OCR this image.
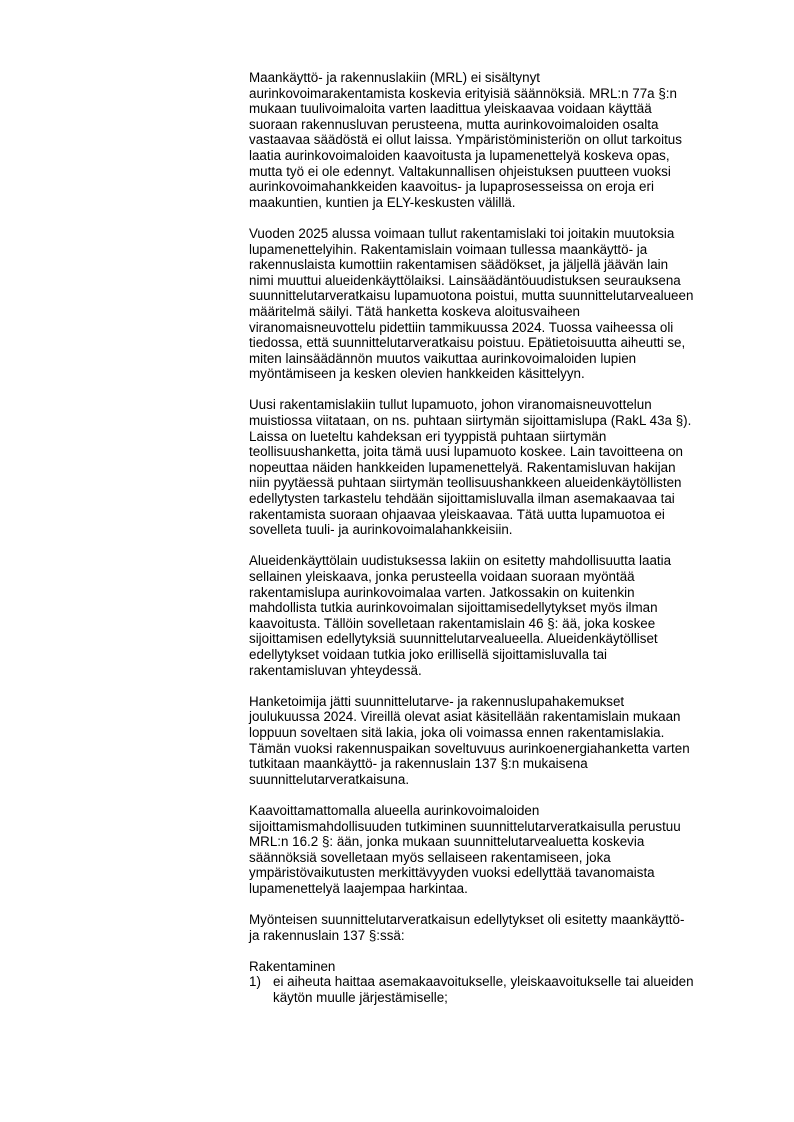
Maankäyttö- ja rakennuslakiin (MRL) ei sisältynyt
aurinkovoimarakentamista koskevia erityisiä säännöksiä. MRL:n 77a §:n
mukaan tuulivoimaloita varten laadittua yleiskaavaa voidaan käyttää
suoraan rakennusluvan perusteena, mutta aurinkovoimaloiden osalta
vastaavaa säädöstä ei ollut laissa. Ympäristöministeriön on ollut tarkoitus
laatia aurinkovoimaloiden kaavoitusta ja lupamenettelyä koskeva opas,
mutta työ ei ole edennyt. Valtakunnallisen ohjeistuksen puutteen vuoksi
aurinkovoimahankkeiden kaavoitus- ja lupaprosesseissa on eroja eri
maakuntien, kuntien ja ELY-keskusten välillä.
Vuoden 2025 alussa voimaan tullut rakentamislaki toi joitakin muutoksia
lupamenettelyihin. Rakentamislain voimaan tullessa maankäyttö- ja
rakennuslaista kumottiin rakentamisen säädökset, ja jäljellä jäävän lain
nimi muuttui alueidenkäyttölaiksi. Lainsäädäntöuudistuksen seurauksena
suunnittelutarveratkaisu lupamuotona poistui, mutta suunnittelutarvealueen
määritelmä säilyi. Tätä hanketta koskeva aloitusvaiheen
viranomaisneuvottelu pidettiin tammikuussa 2024. Tuossa vaiheessa oli
tiedossa, että suunnittelutarveratkaisu poistuu. Epätietoisuutta aiheutti se,
miten lainsäädännön muutos vaikuttaa aurinkovoimaloiden lupien
myöntämiseen ja kesken olevien hankkeiden käsittelyyn.
Uusi rakentamislakiin tullut lupamuoto, johon viranomaisneuvottelun
muistiossa viitataan, on ns. puhtaan siirtymän sijoittamislupa (RakL 43a §).
Laissa on lueteltu kahdeksan eri tyyppistä puhtaan siirtymän
teollisuushanketta, joita tämä uusi lupamuoto koskee. Lain tavoitteena on
nopeuttaa näiden hankkeiden lupamenettelyä. Rakentamisluvan hakijan
niin pyytäessä puhtaan siirtymän teollisuushankkeen alueidenkäytöllisten
edellytysten tarkastelu tehdään sijoittamisluvalla ilman asemakaavaa tai
rakentamista suoraan ohjaavaa yleiskaavaa. Tätä uutta lupamuotoa ei
sovelleta tuuli- ja aurinkovoimalahankkeisiin.
Alueidenkäyttölain uudistuksessa lakiin on esitetty mahdollisuutta laatia
sellainen yleiskaava, jonka perusteella voidaan suoraan myöntää
rakentamislupa aurinkovoimalaa varten. Jatkossakin on kuitenkin
mahdollista tutkia aurinkovoimalan sijoittamisedellytykset myös ilman
kaavoitusta. Tällöin sovelletaan rakentamislain 46 §: ää, joka koskee
sijoittamisen edellytyksiä suunnittelutarvealueella. Alueidenkäytölliset
edellytykset voidaan tutkia joko erillisellä sijoittamisluvalla tai
rakentamisluvan yhteydessä.
Hanketoimija jätti suunnittelutarve- ja rakennuslupahakemukset
joulukuussa 2024. Vireillä olevat asiat käsitellään rakentamislain mukaan
loppuun soveltaen sitä lakia, joka oli voimassa ennen rakentamislakia.
Tämän vuoksi rakennuspaikan soveltuvuus aurinkoenergiahanketta varten
tutkitaan maankäyttö- ja rakennuslain 137 §:n mukaisena
suunnittelutarveratkaisuna.
Kaavoittamattomalla alueella aurinkovoimaloiden
sijoittamismahdollisuuden tutkiminen suunnittelutarveratkaisulla perustuu
MRL:n 16.2 §: ään, jonka mukaan suunnittelutarvealuetta koskevia
säännöksiä sovelletaan myös sellaiseen rakentamiseen, joka
ympäristövaikutusten merkittävyyden vuoksi edellyttää tavanomaista
lupamenettelyä laajempaa harkintaa.
Myönteisen suunnittelutarveratkaisun edellytykset oli esitetty maankäyttö-
ja rakennuslain 137 §:ssä:

Rakentaminen

1) ei aiheuta haittaa asemakaavoitukselle, yleiskaavoitukselle tai alueiden
käytön muulle järjestämiselle;
